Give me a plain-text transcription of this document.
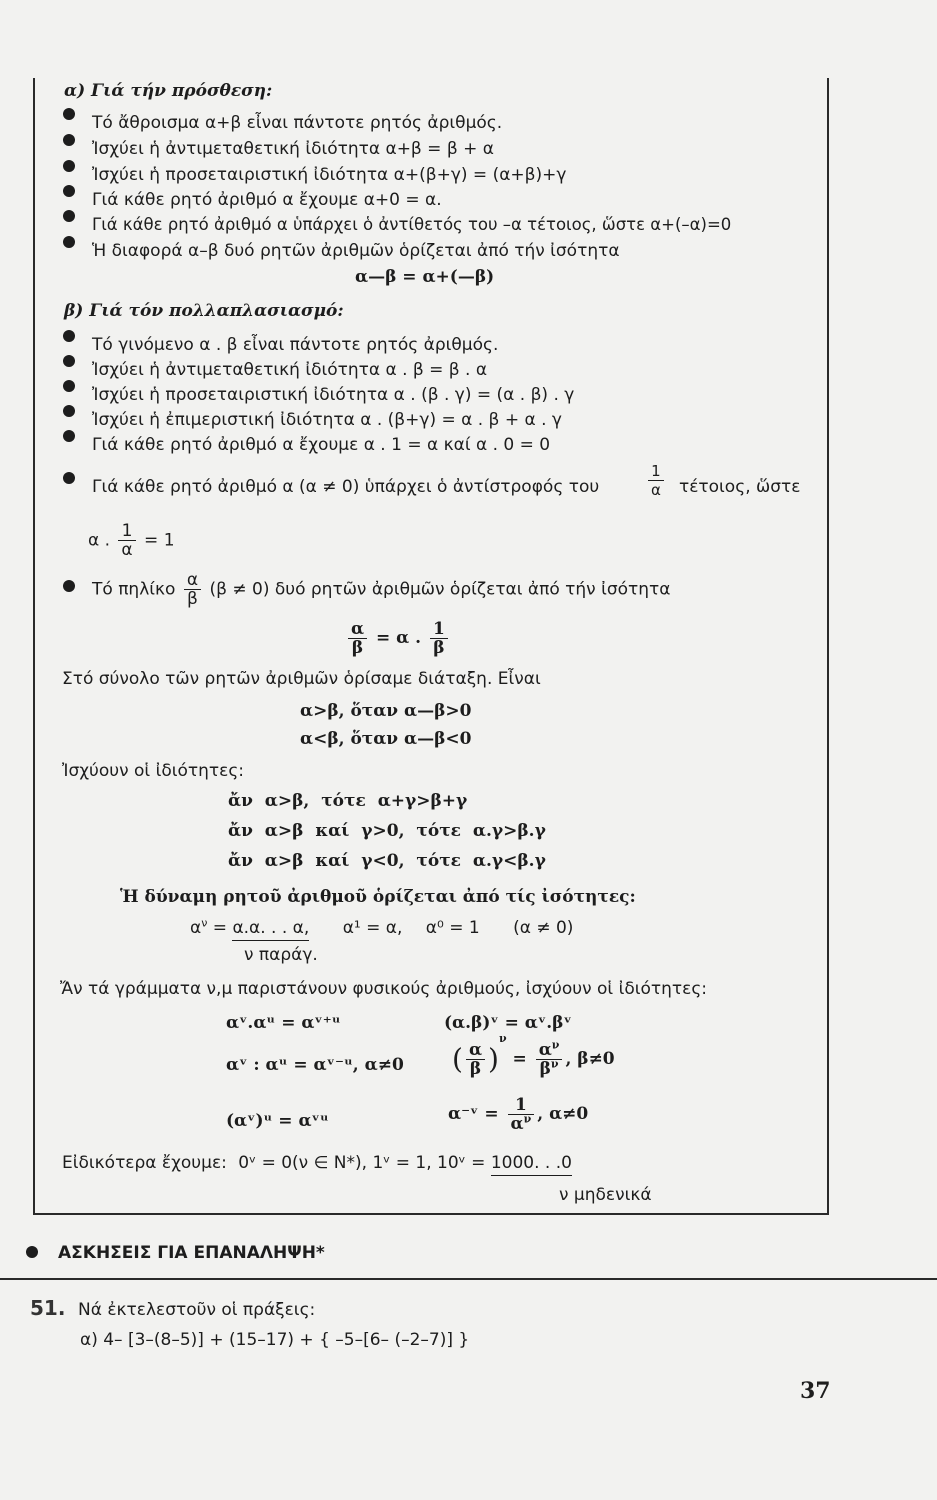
α) Γιά τήν πρόσθεση:
Τό ἄθροισμα α+β εἶναι πάντοτε ρητός ἀριθμός.
Ἰσχύει ἡ ἀντιμεταθετική ἰδιότητα α+β = β + α
Ἰσχύει ἡ προσεταιριστική ἰδιότητα α+(β+γ) = (α+β)+γ
Γιά κάθε ρητό ἀριθμό α ἔχουμε α+0 = α.
Γιά κάθε ρητό ἀριθμό α ὑπάρχει ὁ ἀντίθετός του –α τέτοιος, ὥστε α+(–α)=0
Ἡ διαφορά α–β δυό ρητῶν ἀριθμῶν ὁρίζεται ἀπό τήν ἰσότητα
α—β = α+(—β)
β) Γιά τόν πολλαπλασιασμό:
Τό γινόμενο α . β εἶναι πάντοτε ρητός ἀριθμός.
Ἰσχύει ἡ ἀντιμεταθετική ἰδιότητα α . β = β . α
Ἰσχύει ἡ προσεταιριστική ἰδιότητα α . (β . γ) = (α . β) . γ
Ἰσχύει ἡ ἐπιμεριστική ἰδιότητα α . (β+γ) = α . β + α . γ
Γιά κάθε ρητό ἀριθμό α ἔχουμε α . 1 = α καί α . 0 = 0
Γιά κάθε ρητό ἀριθμό α (α ≠ 0) ὑπάρχει ὁ ἀντίστροφός του	$\frac{1}{\alpha} \tau έ\tau o\iota o\varsigma$, ὥστε
α . $\frac{1}{\alpha} = 1$
Τό πηλίκο $\frac{\alpha}{\beta} (\beta \ne 0)$ δυό ρητῶν ἀριθμῶν ὁρίζεται ἀπό τήν ἰσότητα
$\frac{\alpha}{\beta} = \alpha$ . $\frac{1}{\beta}$
Στό σύνολο τῶν ρητῶν ἀριθμῶν ὁρίσαμε διάταξη. Εἶναι
α>β, ὅταν α—β>0
α<β, ὅταν α—β<0
Ἰσχύουν οἱ ἰδιότητες:
ἄν α>β, τότε α+γ>β+γ
ἄν α>β καί γ>0, τότε α.γ>β.γ
ἄν α>β καί γ<0, τότε α.γ<β.γ
Ἡ δύναμη ρητοῦ ἀριθμοῦ ὁρίζεται ἀπό τίς ἰσότητες:
$\alpha^\nu = \alpha.\alpha$. . . α, α¹ = α, α⁰ = 1 (α ≠ 0)
ν παράγ.
Ἄν τά γράμματα ν,μ παριστάνουν φυσικούς ἀριθμούς, ἰσχύουν οἱ ἰδιότητες:
αᵛ.αᵘ = αᵛ⁺ᵘ	(α.β)ᵛ = αᵛ.βᵛ
αᵛ : αᵘ = αᵛ⁻ᵘ, α≠0 ( $\frac{\alpha}{\beta} )^\nu = \frac{\alpha^\nu}{\beta^\nu}$ , β≠0
(αᵛ)ᵘ = αᵛᵘ	α⁻ᵛ = $\frac{1}{\alpha^\nu}$ , α≠0
Εἰδικότερα ἔχουμε: 0ᵛ = 0(ν ∈ N*), 1ᵛ = 1, 10ᵛ = 1000. . .0
ν μηδενικά
ΑΣΚΗΣΕΙΣ ΓΙΑ ΕΠΑΝΑΛΗΨΗ*
51. Νά ἐκτελεστοῦν οἱ πράξεις:
α) 4– [3–(8–5)] + (15–17) + { –5–[6– (–2–7)] }
37
